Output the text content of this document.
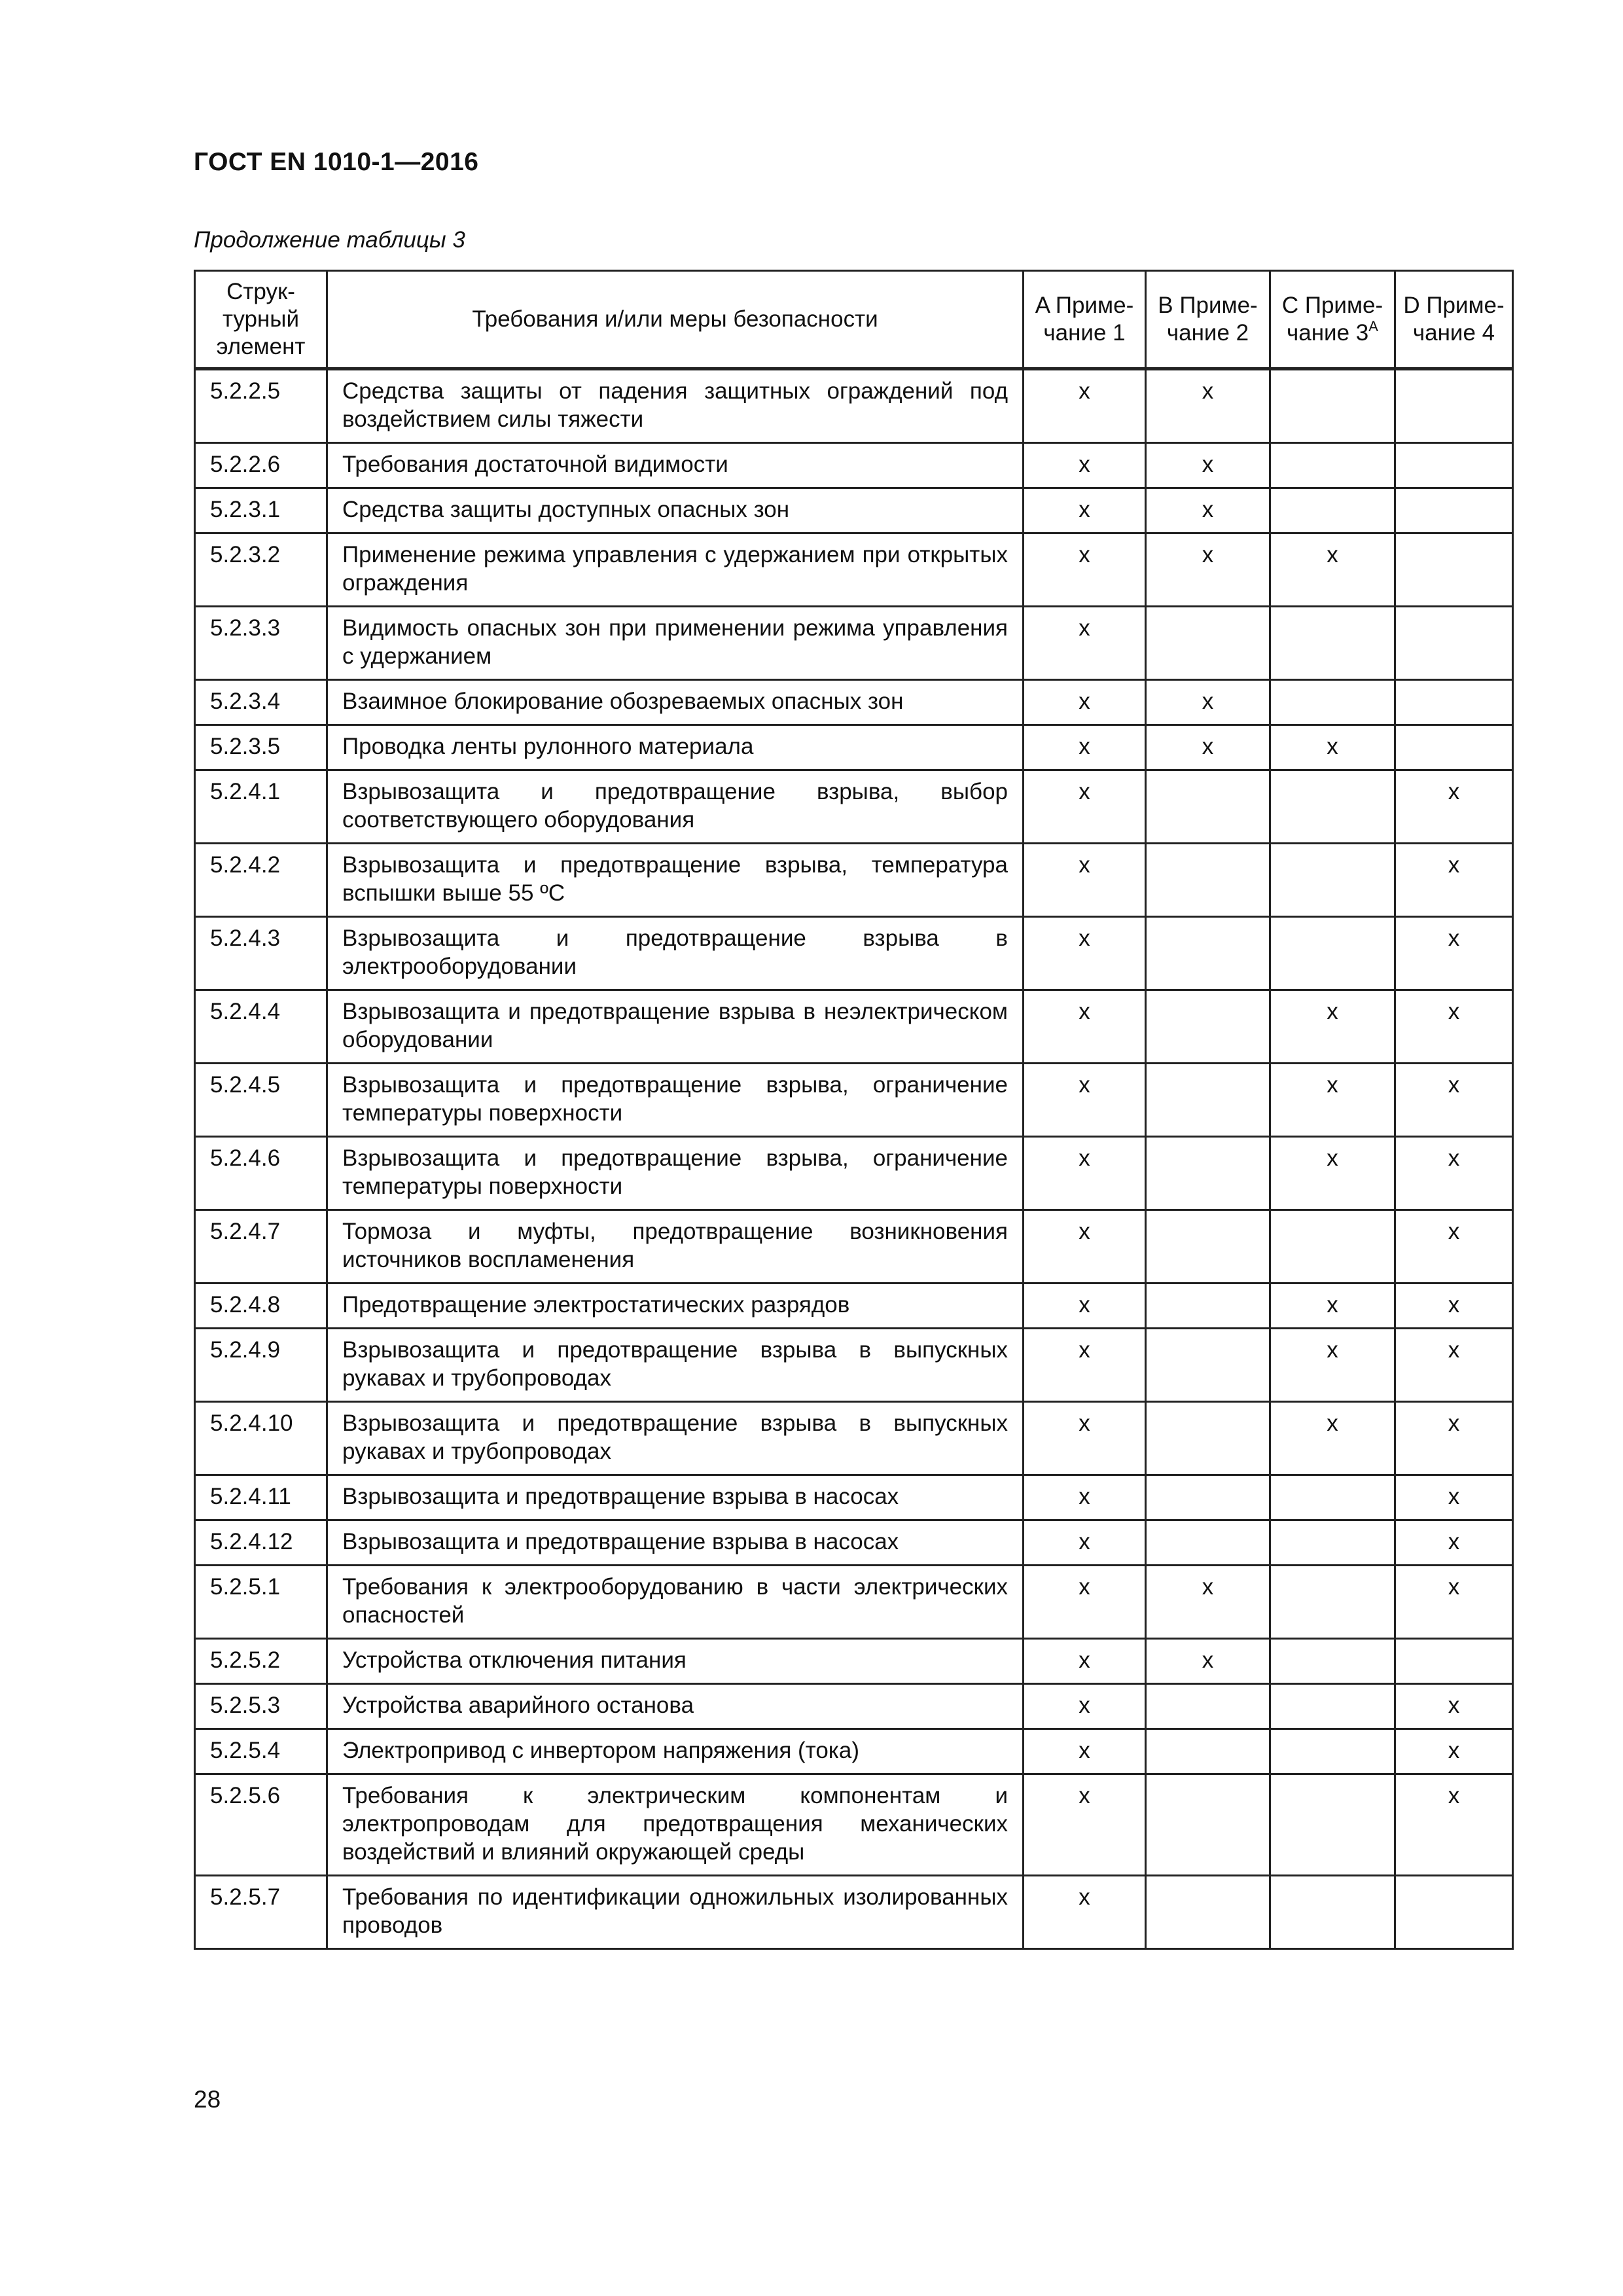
ГОСТ EN 1010-1—2016
Продолжение таблицы 3
Струк-турный элемент	Требования и/или меры безопасности	A Приме-чание 1	B Приме-чание 2	C Приме-чание $3^A$	D Приме-чание 4
5.2.2.5	Средства защиты от падения защитных ограждений под воздействием силы тяжести	x	x		
5.2.2.6	Требования достаточной видимости	x	x		
5.2.3.1	Средства защиты доступных опасных зон	x	x		
5.2.3.2	Применение режима управления с удержанием при открытых ограждения	x	x	x	
5.2.3.3	Видимость опасных зон при применении режима управления с удержанием	x			
5.2.3.4	Взаимное блокирование обозреваемых опасных зон	x	x		
5.2.3.5	Проводка ленты рулонного материала	x	x	x	
5.2.4.1	Взрывозащита и предотвращение взрыва, выбор соответствующего оборудования	x			x
5.2.4.2	Взрывозащита и предотвращение взрыва, температура вспышки выше 55 ºC	x			x
5.2.4.3	Взрывозащита и предотвращение взрыва в электрооборудовании	x			x
5.2.4.4	Взрывозащита и предотвращение взрыва в неэлектрическом оборудовании	x		x	x
5.2.4.5	Взрывозащита и предотвращение взрыва, ограничение температуры поверхности	x		x	x
5.2.4.6	Взрывозащита и предотвращение взрыва, ограничение температуры поверхности	x		x	x
5.2.4.7	Тормоза и муфты, предотвращение возникновения источников воспламенения	x			x
5.2.4.8	Предотвращение электростатических разрядов	x		x	x
5.2.4.9	Взрывозащита и предотвращение взрыва в выпускных рукавах и трубопроводах	x		x	x
5.2.4.10	Взрывозащита и предотвращение взрыва в выпускных рукавах и трубопроводах	x		x	x
5.2.4.11	Взрывозащита и предотвращение взрыва в насосах	x			x
5.2.4.12	Взрывозащита и предотвращение взрыва в насосах	x			x
5.2.5.1	Требования к электрооборудованию в части электрических опасностей	x	x		x
5.2.5.2	Устройства отключения питания	x	x		
5.2.5.3	Устройства аварийного останова	x			x
5.2.5.4	Электропривод с инвертором напряжения (тока)	x			x
5.2.5.6	Требования к электрическим компонентам и электропроводам для предотвращения механических воздействий и влияний окружающей среды	x			x
5.2.5.7	Требования по идентификации одножильных изолированных проводов	x			
28
